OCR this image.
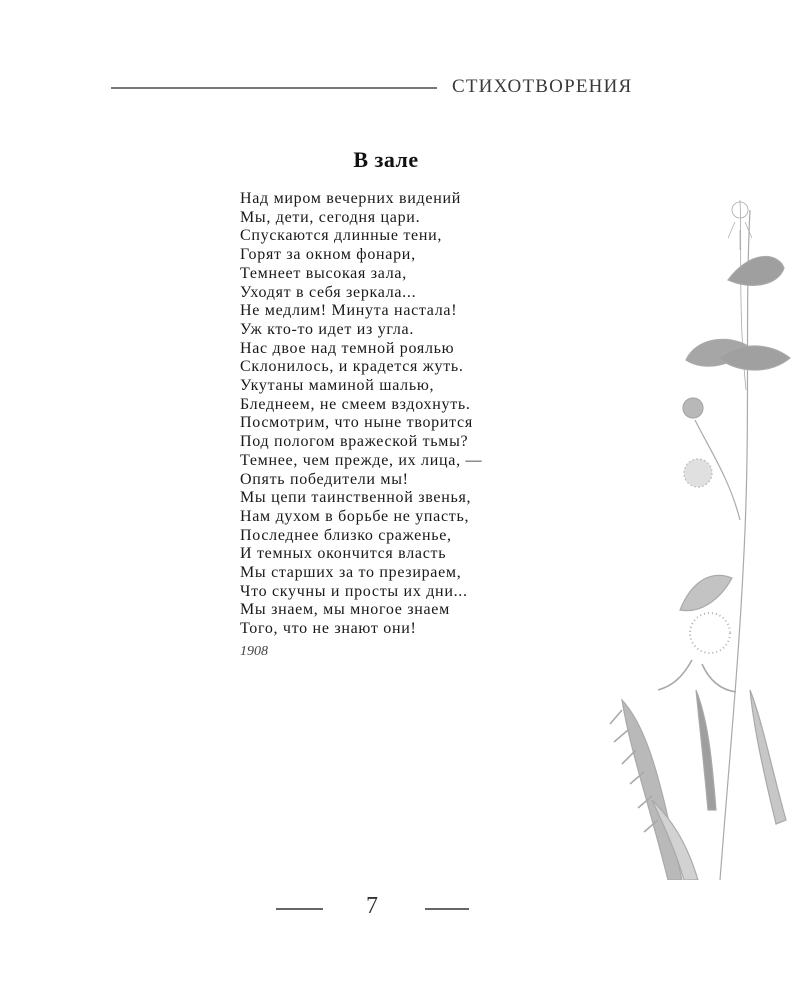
СТИХОТВОРЕНИЯ
В зале
Над миром вечерних видений
Мы, дети, сегодня цари.
Спускаются длинные тени,
Горят за окном фонари,
Темнеет высокая зала,
Уходят в себя зеркала...
Не медлим! Минута настала!
Уж кто-то идет из угла.
Нас двое над темной роялью
Склонилось, и крадется жуть.
Укутаны маминой шалью,
Бледнеем, не смеем вздохнуть.
Посмотрим, что ныне творится
Под пологом вражеской тьмы?
Темнее, чем прежде, их лица, —
Опять победители мы!
Мы цепи таинственной звенья,
Нам духом в борьбе не упасть,
Последнее близко сраженье,
И темных окончится власть
Мы старших за то презираем,
Что скучны и просты их дни...
Мы знаем, мы многое знаем
Того, что не знают они!
1908
7
